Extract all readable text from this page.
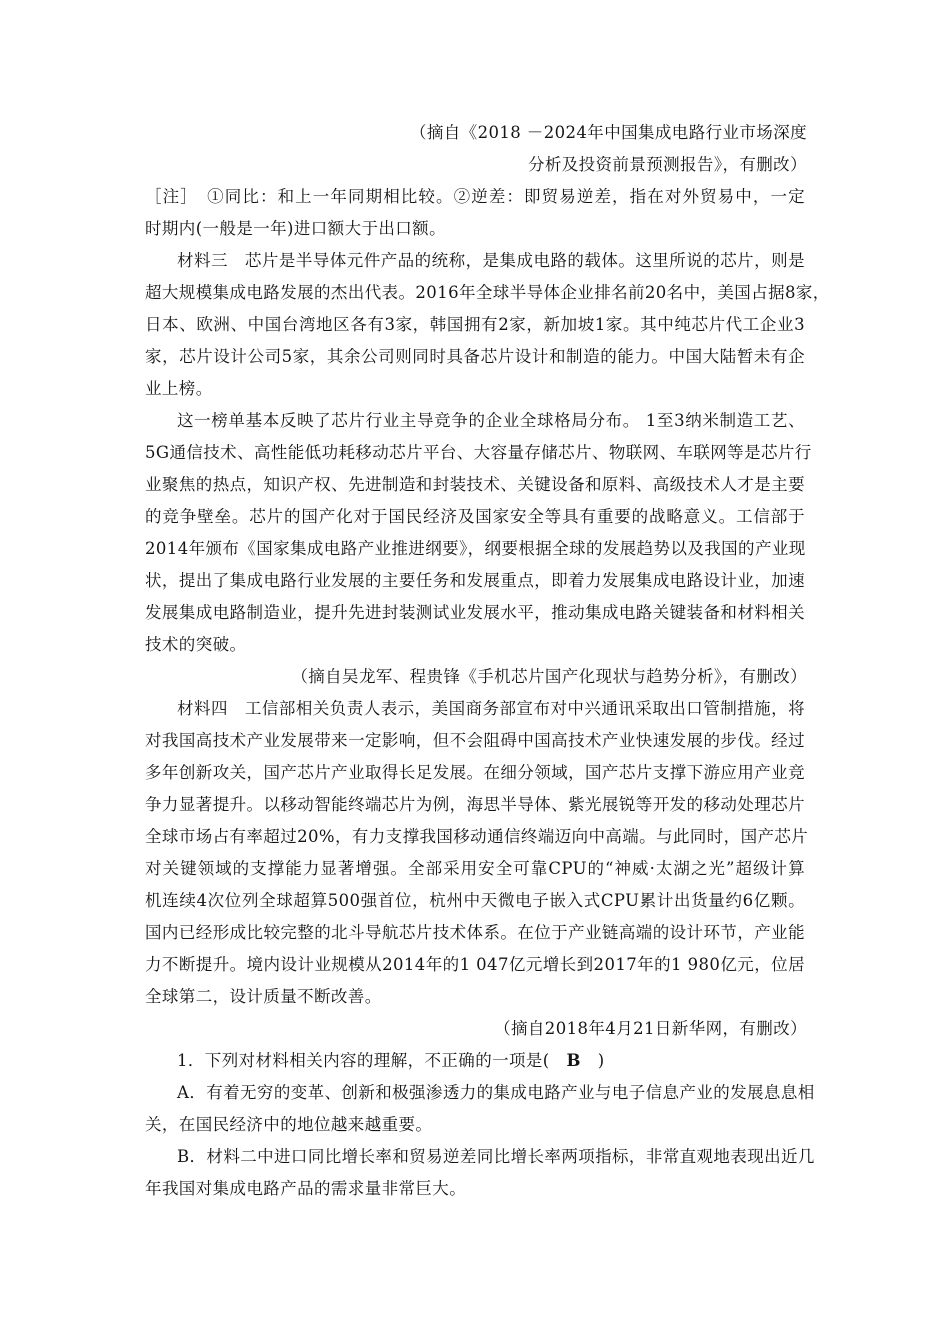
（摘自《2018 －2024年中国集成电路行业市场深度
分析及投资前景预测报告》，有删改）
［注］　①同比：和上一年同期相比较。②逆差：即贸易逆差，指在对外贸易中，一定
时期内(一般是一年)进口额大于出口额。
材料三　芯片是半导体元件产品的统称，是集成电路的载体。这里所说的芯片，则是
超大规模集成电路发展的杰出代表。2016年全球半导体企业排名前20名中，美国占据8家，
日本、欧洲、中国台湾地区各有3家，韩国拥有2家，新加坡1家。其中纯芯片代工企业3
家，芯片设计公司5家，其余公司则同时具备芯片设计和制造的能力。中国大陆暂未有企
业上榜。
这一榜单基本反映了芯片行业主导竞争的企业全球格局分布。 1至3纳米制造工艺、
5G通信技术、高性能低功耗移动芯片平台、大容量存储芯片、物联网、车联网等是芯片行
业聚焦的热点，知识产权、先进制造和封装技术、关键设备和原料、高级技术人才是主要
的竞争壁垒。芯片的国产化对于国民经济及国家安全等具有重要的战略意义。工信部于
2014年颁布《国家集成电路产业推进纲要》，纲要根据全球的发展趋势以及我国的产业现
状，提出了集成电路行业发展的主要任务和发展重点，即着力发展集成电路设计业，加速
发展集成电路制造业，提升先进封装测试业发展水平，推动集成电路关键装备和材料相关
技术的突破。
（摘自吴龙军、程贵锋《手机芯片国产化现状与趋势分析》，有删改）
材料四　工信部相关负责人表示，美国商务部宣布对中兴通讯采取出口管制措施，将
对我国高技术产业发展带来一定影响，但不会阻碍中国高技术产业快速发展的步伐。经过
多年创新攻关，国产芯片产业取得长足发展。在细分领域，国产芯片支撑下游应用产业竞
争力显著提升。以移动智能终端芯片为例，海思半导体、紫光展锐等开发的移动处理芯片
全球市场占有率超过20%，有力支撑我国移动通信终端迈向中高端。与此同时，国产芯片
对关键领域的支撑能力显著增强。全部采用安全可靠CPU的“神威·太湖之光”超级计算
机连续4次位列全球超算500强首位，杭州中天微电子嵌入式CPU累计出货量约6亿颗。
国内已经形成比较完整的北斗导航芯片技术体系。在位于产业链高端的设计环节，产业能
力不断提升。境内设计业规模从2014年的1 047亿元增长到2017年的1 980亿元，位居
全球第二，设计质量不断改善。
（摘自2018年4月21日新华网，有删改）
1．下列对材料相关内容的理解，不正确的一项是(　B　)
A．有着无穷的变革、创新和极强渗透力的集成电路产业与电子信息产业的发展息息相
关，在国民经济中的地位越来越重要。
B．材料二中进口同比增长率和贸易逆差同比增长率两项指标，非常直观地表现出近几
年我国对集成电路产品的需求量非常巨大。
